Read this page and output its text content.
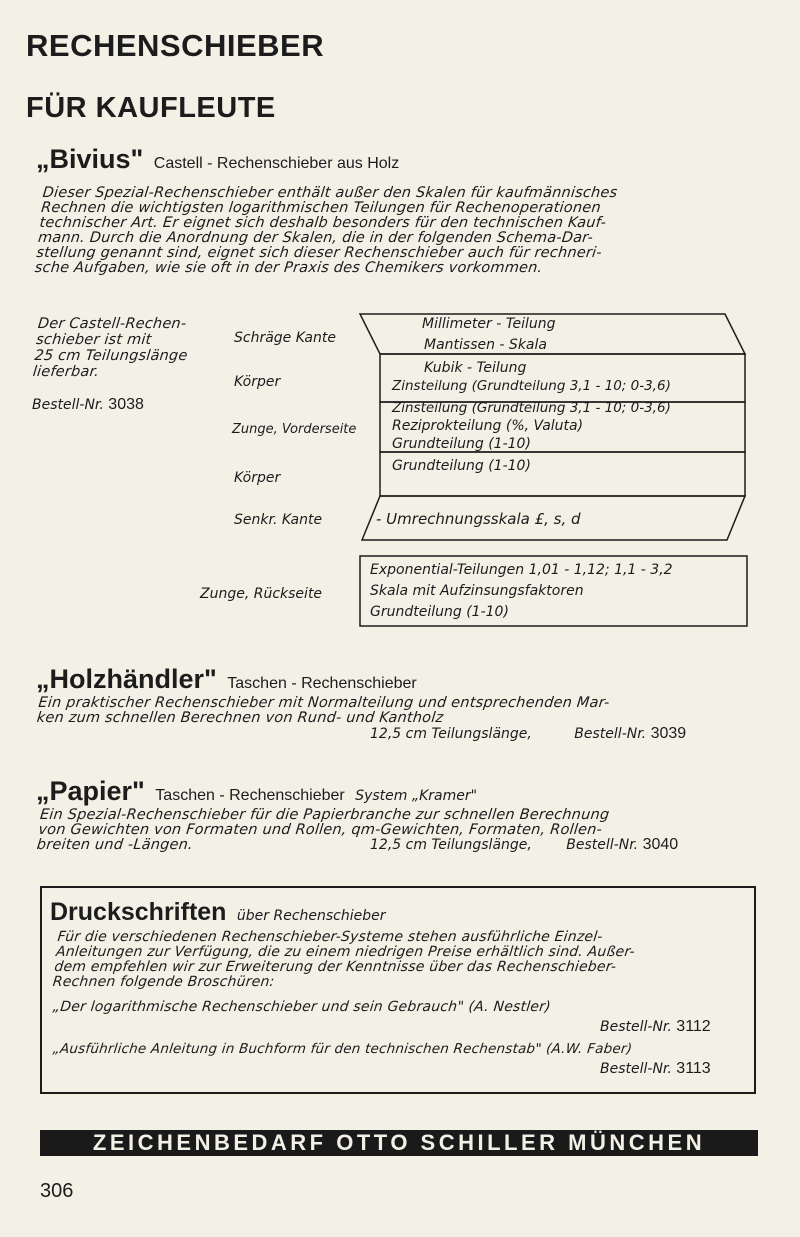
RECHENSCHIEBER
FÜR KAUFLEUTE
„Bivius" Castell - Rechenschieber aus Holz
Dieser Spezial-Rechenschieber enthält außer den Skalen für kaufmännisches
Rechnen die wichtigsten logarithmischen Teilungen für Rechenoperationen
technischer Art. Er eignet sich deshalb besonders für den technischen Kauf-
mann. Durch die Anordnung der Skalen, die in der folgenden Schema-Dar-
stellung genannt sind, eignet sich dieser Rechenschieber auch für rechneri-
sche Aufgaben, wie sie oft in der Praxis des Chemikers vorkommen.
Der Castell-Rechen-
schieber ist mit
25 cm Teilungslänge
lieferbar.
Bestell-Nr. 3038
Schräge Kante
Körper
Zunge, Vorderseite
Körper
Senkr. Kante
Zunge, Rückseite
Millimeter - Teilung
Mantissen - Skala
Kubik - Teilung
Zinsteilung (Grundteilung 3,1 - 10; 0-3,6)
Zinsteilung (Grundteilung 3,1 - 10; 0-3,6)
Reziprokteilung (%, Valuta)
Grundteilung (1-10)
Grundteilung (1-10)
- Umrechnungsskala £, s, d
Exponential-Teilungen 1,01 - 1,12; 1,1 - 3,2
Skala mit Aufzinsungsfaktoren
Grundteilung (1-10)
„Holzhändler" Taschen - Rechenschieber
Ein praktischer Rechenschieber mit Normalteilung und entsprechenden Mar-
ken zum schnellen Berechnen von Rund- und Kantholz
12,5 cm Teilungslänge,	Bestell-Nr. 3039
„Papier" Taschen - Rechenschieber System „Kramer"
Ein Spezial-Rechenschieber für die Papierbranche zur schnellen Berechnung
von Gewichten von Formaten und Rollen, qm-Gewichten, Formaten, Rollen-
breiten und -Längen.	12,5 cm Teilungslänge, Bestell-Nr. 3040
Druckschriften über Rechenschieber
Für die verschiedenen Rechenschieber-Systeme stehen ausführliche Einzel-
Anleitungen zur Verfügung, die zu einem niedrigen Preise erhältlich sind. Außer-
dem empfehlen wir zur Erweiterung der Kenntnisse über das Rechenschieber-
Rechnen folgende Broschüren:
„Der logarithmische Rechenschieber und sein Gebrauch" (A. Nestler)
Bestell-Nr. 3112
„Ausführliche Anleitung in Buchform für den technischen Rechenstab" (A.W. Faber)
Bestell-Nr. 3113
ZEICHENBEDARF OTTO SCHILLER MÜNCHEN
306
